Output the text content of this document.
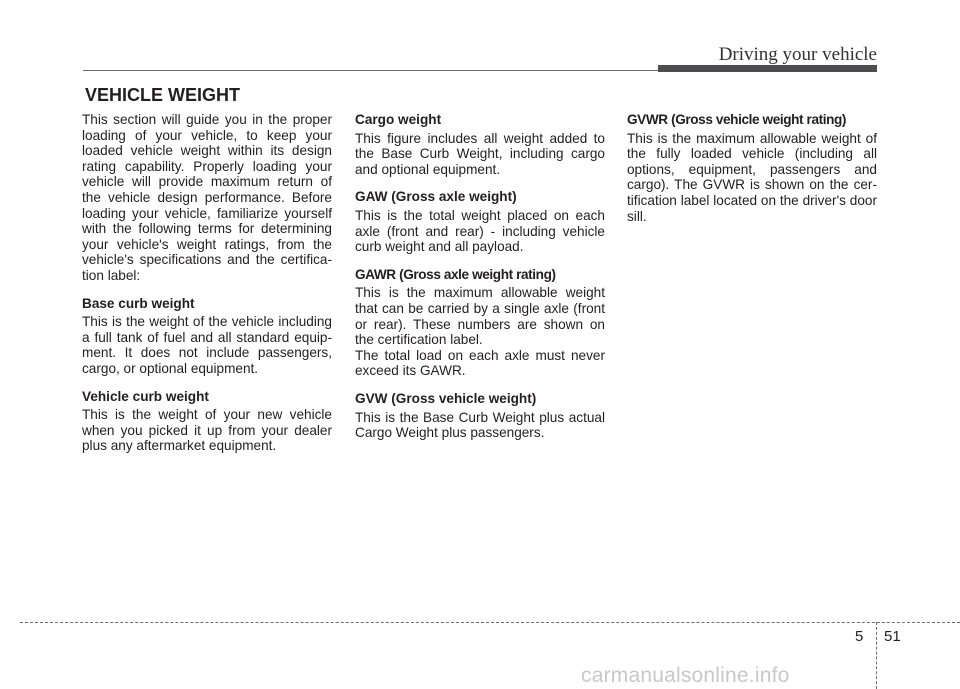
Driving your vehicle
VEHICLE WEIGHT

This section will guide you in the proper loading of your vehicle, to keep your loaded vehicle weight within its design rating capability. Properly loading your vehicle will provide maximum return of the vehicle design performance. Before loading your vehicle, familiarize yourself with the following terms for determining your vehicle's weight ratings, from the vehicle's specifications and the certifica- tion label:

Base curb weight

This is the weight of the vehicle including a full tank of fuel and all standard equip- ment. It does not include passengers, cargo, or optional equipment.

Vehicle curb weight

This is the weight of your new vehicle when you picked it up from your dealer plus any aftermarket equipment.

Cargo weight

This figure includes all weight added to the Base Curb Weight, including cargo and optional equipment.

GAW (Gross axle weight)

This is the total weight placed on each axle (front and rear) - including vehicle curb weight and all payload.

GAWR (Gross axle weight rating)

This is the maximum allowable weight that can be carried by a single axle (front or rear). These numbers are shown on the certification label.

The total load on each axle must never exceed its GAWR.

GVW (Gross vehicle weight)

This is the Base Curb Weight plus actual Cargo Weight plus passengers.

GVWR (Gross vehicle weight rating)

This is the maximum allowable weight of the fully loaded vehicle (including all options, equipment, passengers and cargo). The GVWR is shown on the cer- tification label located on the driver's door sill.

5 51
carmanualsonline.info
